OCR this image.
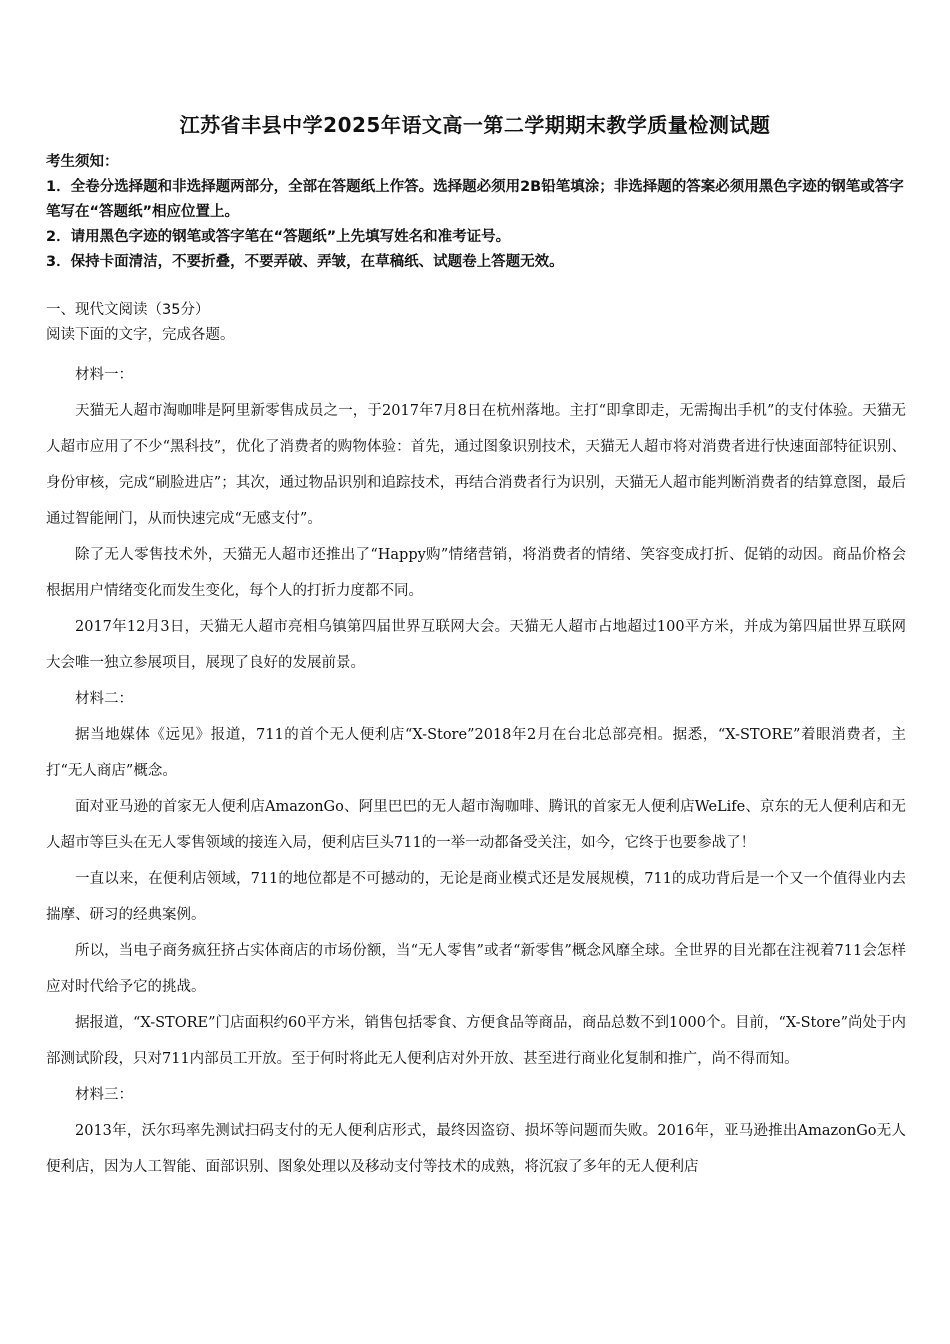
江苏省丰县中学2025年语文高一第二学期期末教学质量检测试题
考生须知：
1．全卷分选择题和非选择题两部分，全部在答题纸上作答。选择题必须用2B铅笔填涂；非选择题的答案必须用黑色字迹的钢笔或答字笔写在“答题纸”相应位置上。
2．请用黑色字迹的钢笔或答字笔在“答题纸”上先填写姓名和准考证号。
3．保持卡面清洁，不要折叠，不要弄破、弄皱，在草稿纸、试题卷上答题无效。
一、现代文阅读（35分）
阅读下面的文字，完成各题。

材料一：

天猫无人超市淘咖啡是阿里新零售成员之一，于2017年7月8日在杭州落地。主打“即拿即走，无需掏出手机”的支付体验。天猫无人超市应用了不少“黑科技”，优化了消费者的购物体验：首先，通过图象识别技术，天猫无人超市将对消费者进行快速面部特征识别、身份审核，完成“刷脸进店”；其次，通过物品识别和追踪技术，再结合消费者行为识别，天猫无人超市能判断消费者的结算意图，最后通过智能闸门，从而快速完成“无感支付”。

除了无人零售技术外，天猫无人超市还推出了“Happy购”情绪营销，将消费者的情绪、笑容变成打折、促销的动因。商品价格会根据用户情绪变化而发生变化，每个人的打折力度都不同。

2017年12月3日，天猫无人超市亮相乌镇第四届世界互联网大会。天猫无人超市占地超过100平方米，并成为第四届世界互联网大会唯一独立参展项目，展现了良好的发展前景。

材料二：

据当地媒体《远见》报道，711的首个无人便利店“X-Store”2018年2月在台北总部亮相。据悉，“X-STORE”着眼消费者，主打“无人商店”概念。

面对亚马逊的首家无人便利店AmazonGo、阿里巴巴的无人超市淘咖啡、腾讯的首家无人便利店WeLife、京东的无人便利店和无人超市等巨头在无人零售领域的接连入局，便利店巨头711的一举一动都备受关注，如今，它终于也要参战了！

一直以来，在便利店领域，711的地位都是不可撼动的，无论是商业模式还是发展规模，711的成功背后是一个又一个值得业内去揣摩、研习的经典案例。

所以，当电子商务疯狂挤占实体商店的市场份额，当“无人零售”或者“新零售”概念风靡全球。全世界的目光都在注视着711会怎样应对时代给予它的挑战。

据报道，“X-STORE”门店面积约60平方米，销售包括零食、方便食品等商品，商品总数不到1000个。目前，“X-Store”尚处于内部测试阶段，只对711内部员工开放。至于何时将此无人便利店对外开放、甚至进行商业化复制和推广，尚不得而知。

材料三：

2013年，沃尔玛率先测试扫码支付的无人便利店形式，最终因盗窃、损坏等问题而失败。2016年，亚马逊推出AmazonGo无人便利店，因为人工智能、面部识别、图象处理以及移动支付等技术的成熟，将沉寂了多年的无人便利店
